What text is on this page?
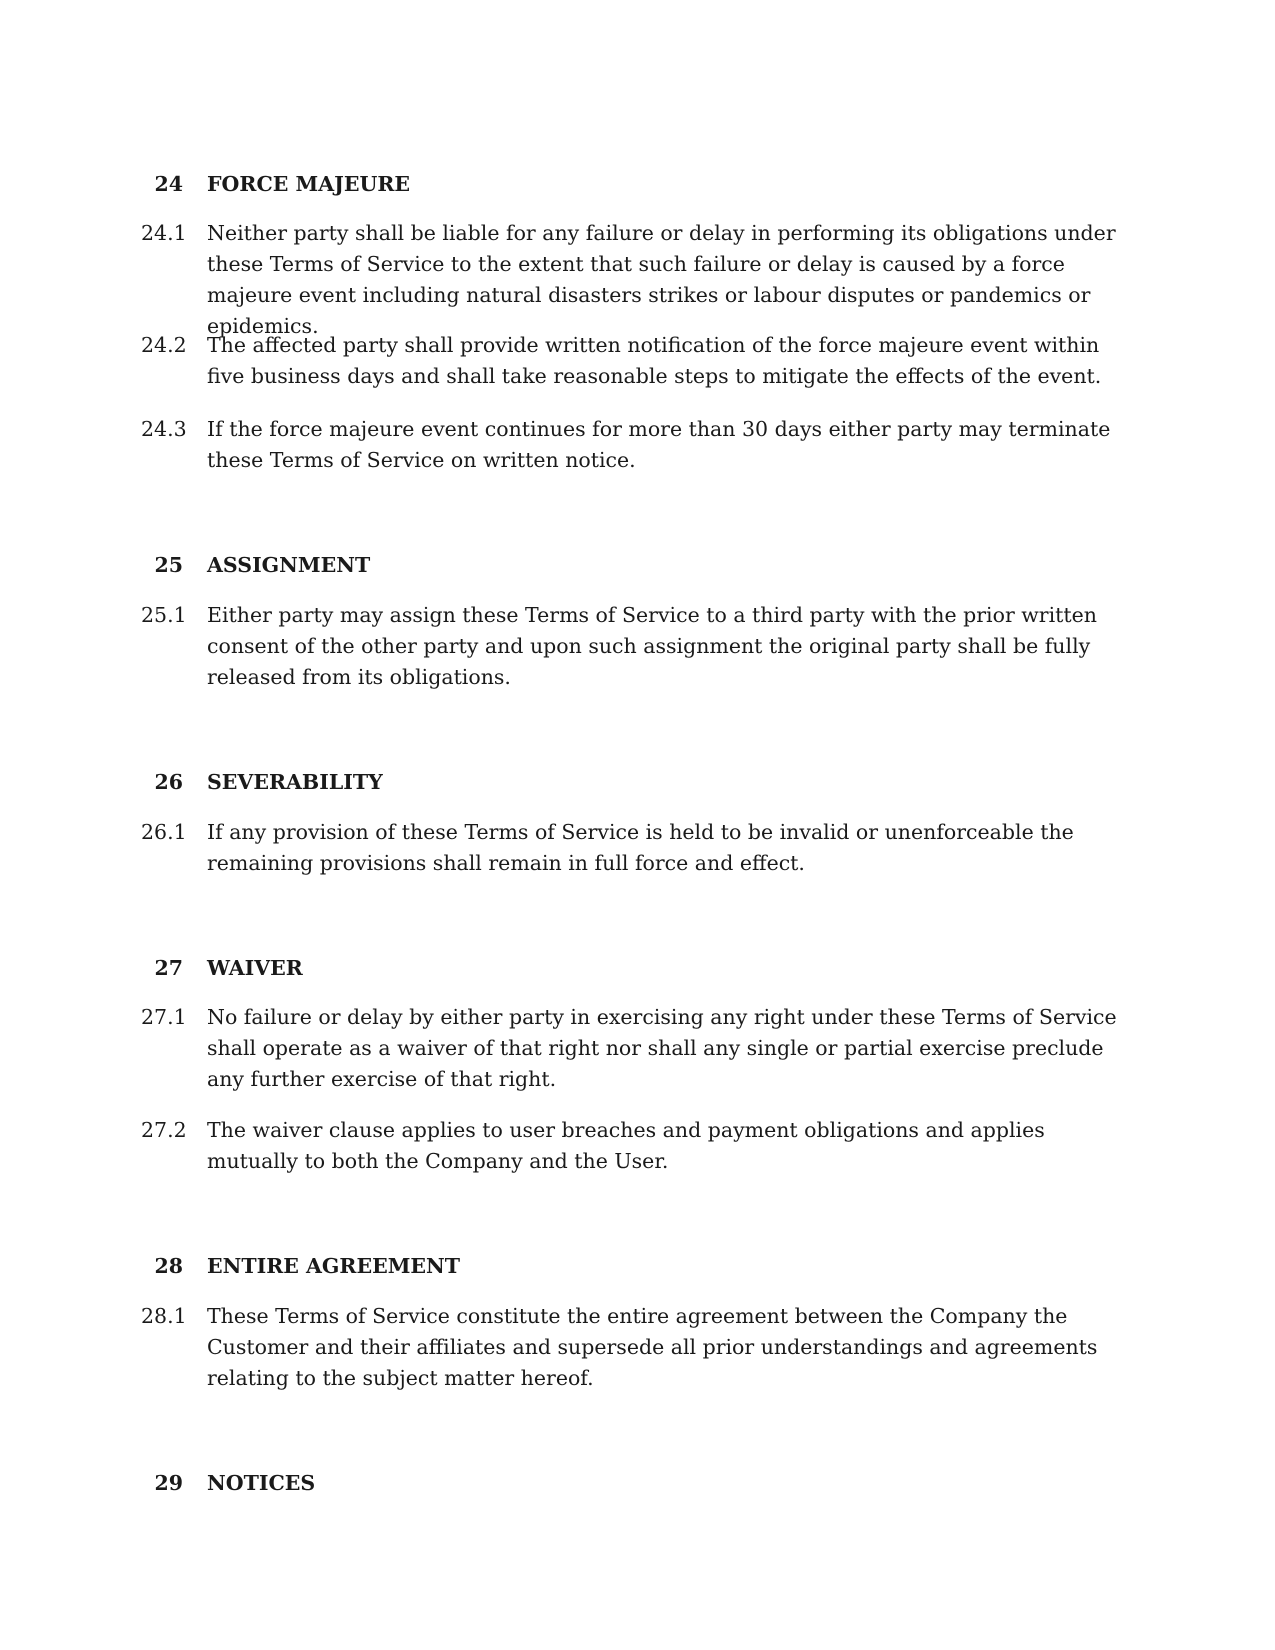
24 FORCE MAJEURE
24.1 Neither party shall be liable for any failure or delay in performing its obligations under these Terms of Service to the extent that such failure or delay is caused by a force majeure event including natural disasters strikes or labour disputes or pandemics or epidemics.
24.2 The affected party shall provide written notification of the force majeure event within five business days and shall take reasonable steps to mitigate the effects of the event.
24.3 If the force majeure event continues for more than 30 days either party may terminate these Terms of Service on written notice.
25 ASSIGNMENT
25.1 Either party may assign these Terms of Service to a third party with the prior written consent of the other party and upon such assignment the original party shall be fully released from its obligations.
26 SEVERABILITY
26.1 If any provision of these Terms of Service is held to be invalid or unenforceable the remaining provisions shall remain in full force and effect.
27 WAIVER
27.1 No failure or delay by either party in exercising any right under these Terms of Service shall operate as a waiver of that right nor shall any single or partial exercise preclude any further exercise of that right.
27.2 The waiver clause applies to user breaches and payment obligations and applies mutually to both the Company and the User.
28 ENTIRE AGREEMENT
28.1 These Terms of Service constitute the entire agreement between the Company the Customer and their affiliates and supersede all prior understandings and agreements relating to the subject matter hereof.
29 NOTICES
